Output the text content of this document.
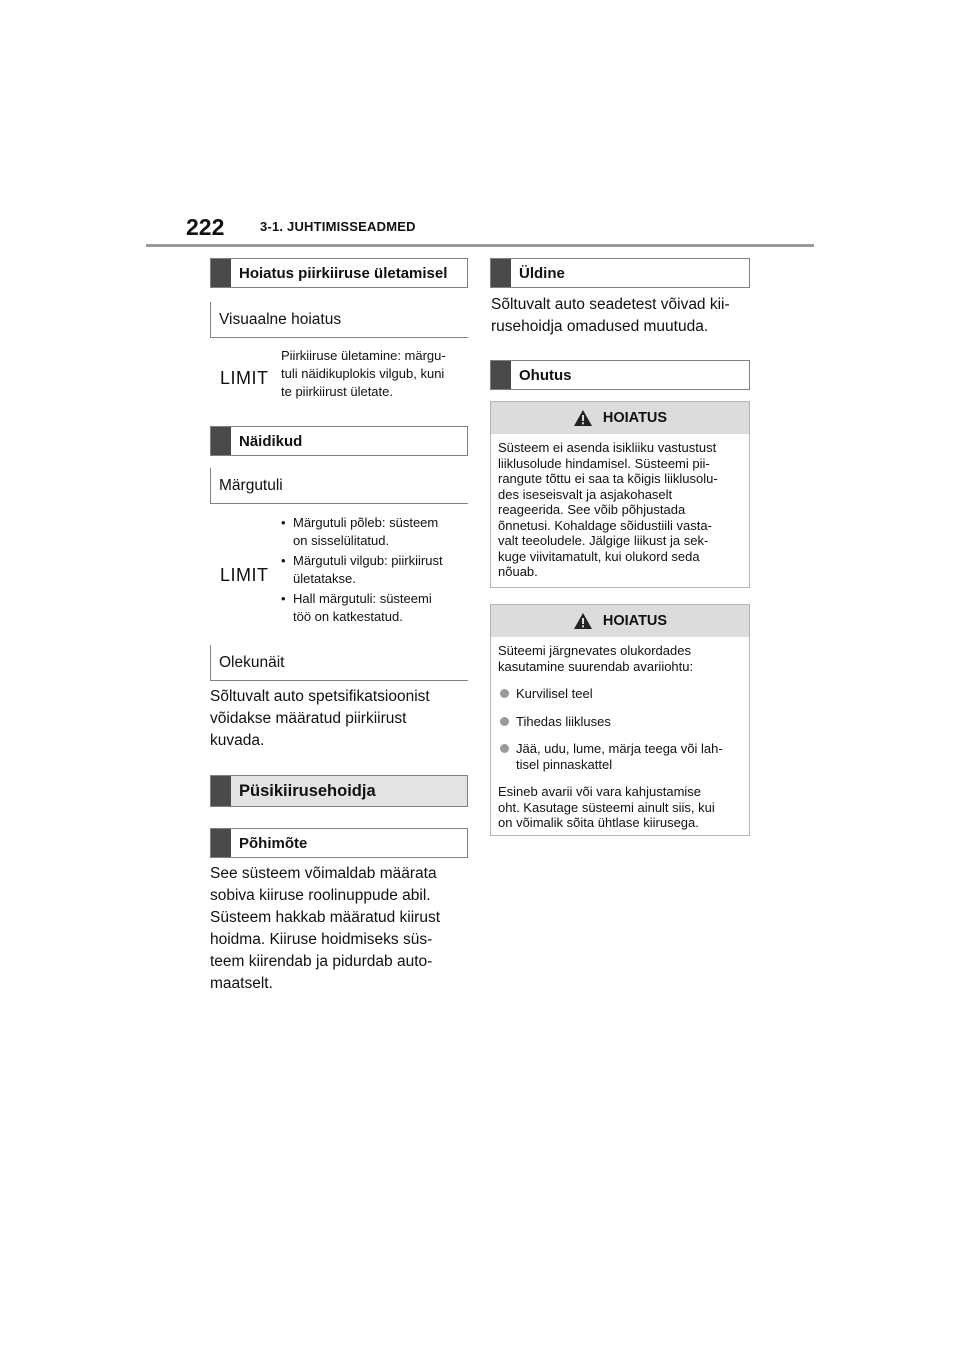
222	3-1. JUHTIMISSEADMED
Hoiatus piirkiiruse ületamisel
Visuaalne hoiatus
LIMIT
Piirkiiruse ületamine: märgu-
tuli näidikuplokis vilgub, kuni
te piirkiirust ületate.
Näidikud
Märgutuli
LIMIT
• Märgutuli põleb: süsteem
on sisselülitatud.
• Märgutuli vilgub: piirkiirust
ületatakse.
• Hall märgutuli: süsteemi
töö on katkestatud.
Olekunäit
Sõltuvalt auto spetsifikatsioonist
võidakse määratud piirkiirust
kuvada.
Püsikiirusehoidja
Põhimõte
See süsteem võimaldab määrata
sobiva kiiruse roolinuppude abil.
Süsteem hakkab määratud kiirust
hoidma. Kiiruse hoidmiseks süs-
teem kiirendab ja pidurdab auto-
maatselt.
Üldine
Sõltuvalt auto seadetest võivad kii-
rusehoidja omadused muutuda.
Ohutus
HOIATUS
Süsteem ei asenda isikliiku vastustust
liiklusolude hindamisel. Süsteemi pii-
rangute tõttu ei saa ta kõigis liiklusolu-
des iseseisvalt ja asjakohaselt
reageerida. See võib põhjustada
õnnetusi. Kohaldage sõidustiili vasta-
valt teeoludele. Jälgige liikust ja sek-
kuge viivitamatult, kui olukord seda
nõuab.
HOIATUS
Süteemi järgnevates olukordades
kasutamine suurendab avariiohtu:
Kurvilisel teel
Tihedas liikluses
Jää, udu, lume, märja teega või lah-
tisel pinnaskattel
Esineb avarii või vara kahjustamise
oht. Kasutage süsteemi ainult siis, kui
on võimalik sõita ühtlase kiirusega.
